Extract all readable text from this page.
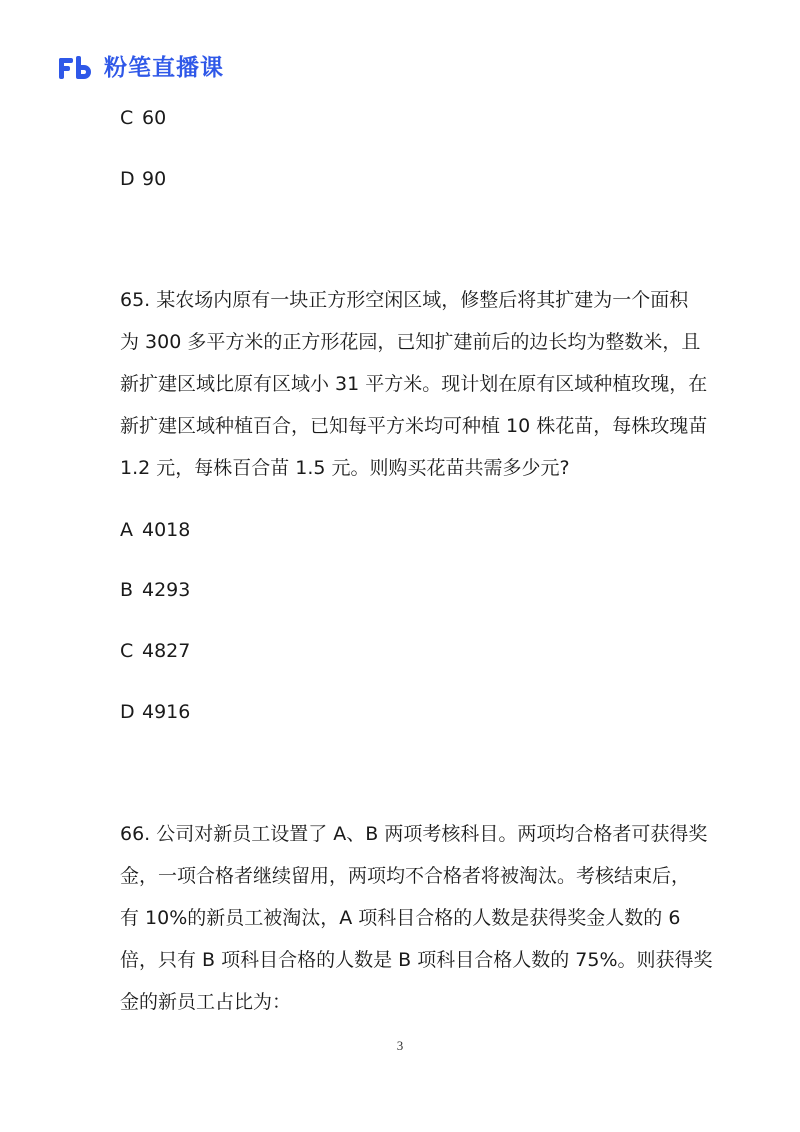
粉笔直播课
C 60
D 90
65. 某农场内原有一块正方形空闲区域，修整后将其扩建为一个面积
为 300 多平方米的正方形花园，已知扩建前后的边长均为整数米，且
新扩建区域比原有区域小 31 平方米。现计划在原有区域种植玫瑰，在
新扩建区域种植百合，已知每平方米均可种植 10 株花苗，每株玫瑰苗
1.2 元，每株百合苗 1.5 元。则购买花苗共需多少元?
A 4018
B 4293
C 4827
D 4916
66. 公司对新员工设置了 A、B 两项考核科目。两项均合格者可获得奖
金，一项合格者继续留用，两项均不合格者将被淘汰。考核结束后，
有 10%的新员工被淘汰，A 项科目合格的人数是获得奖金人数的 6
倍，只有 B 项科目合格的人数是 B 项科目合格人数的 75%。则获得奖
金的新员工占比为：
3
